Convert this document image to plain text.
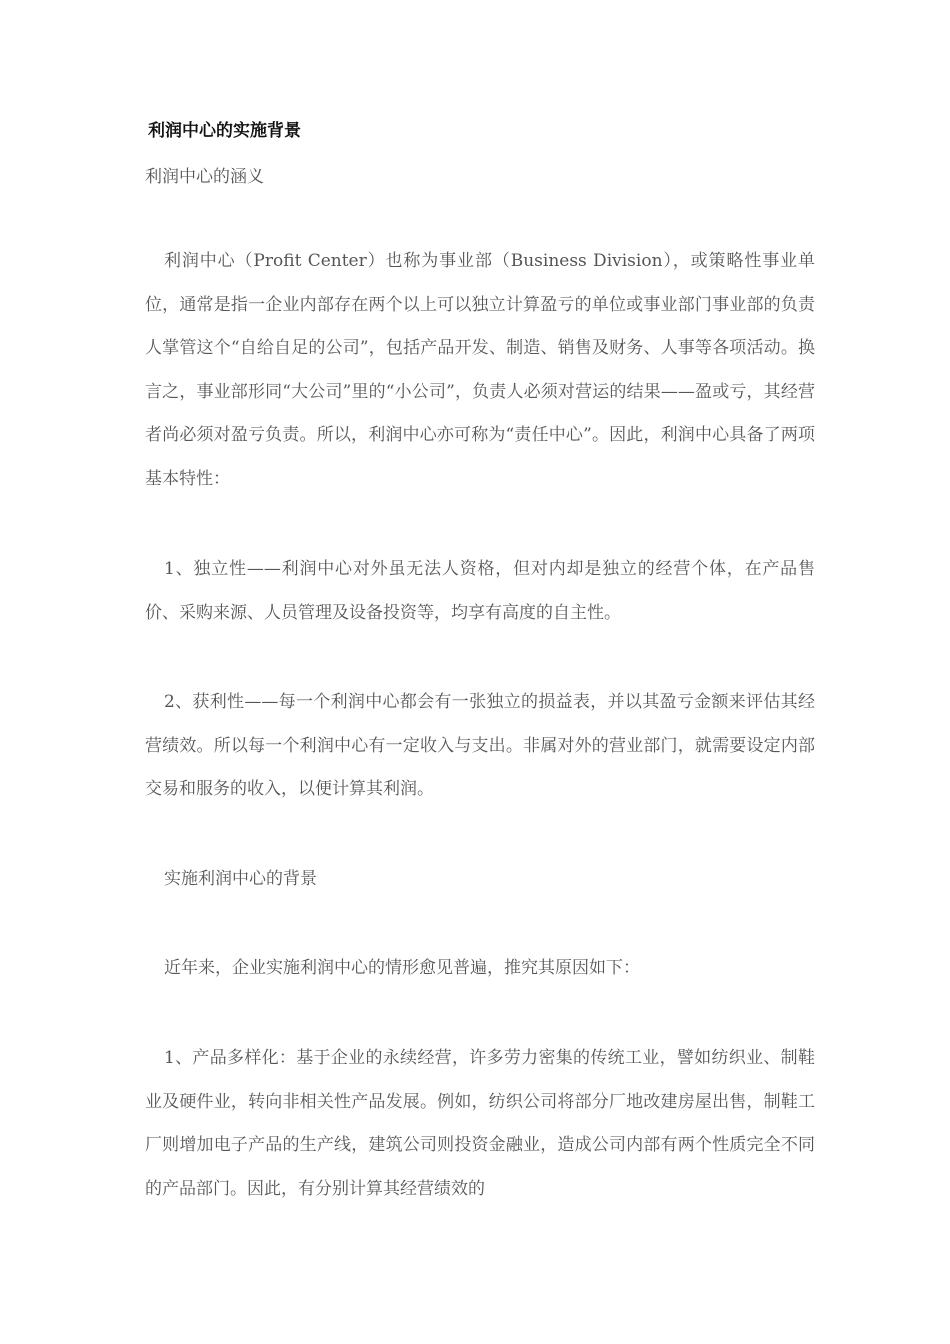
利润中心的实施背景
利润中心的涵义
利润中心（Profit Center）也称为事业部（Business Division），或策略性事业单位，通常是指一企业内部存在两个以上可以独立计算盈亏的单位或事业部门事业部的负责人掌管这个“自给自足的公司”，包括产品开发、制造、销售及财务、人事等各项活动。换言之，事业部形同“大公司”里的“小公司”，负责人必须对营运的结果——盈或亏，其经营者尚必须对盈亏负责。所以，利润中心亦可称为“责任中心”。因此，利润中心具备了两项基本特性：
1、独立性——利润中心对外虽无法人资格，但对内却是独立的经营个体，在产品售价、采购来源、人员管理及设备投资等，均享有高度的自主性。
2、获利性——每一个利润中心都会有一张独立的损益表，并以其盈亏金额来评估其经营绩效。所以每一个利润中心有一定收入与支出。非属对外的营业部门，就需要设定内部交易和服务的收入，以便计算其利润。
实施利润中心的背景
近年来，企业实施利润中心的情形愈见普遍，推究其原因如下：
1、产品多样化：基于企业的永续经营，许多劳力密集的传统工业，譬如纺织业、制鞋业及硬件业，转向非相关性产品发展。例如，纺织公司将部分厂地改建房屋出售，制鞋工厂则增加电子产品的生产线，建筑公司则投资金融业，造成公司内部有两个性质完全不同的产品部门。因此，有分别计算其经营绩效的
